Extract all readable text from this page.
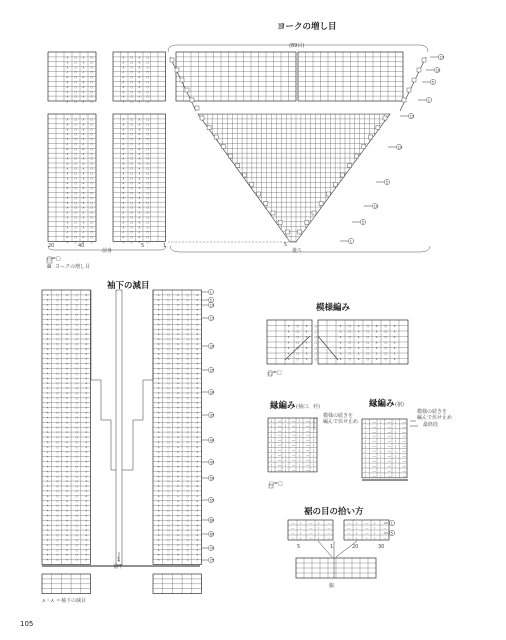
∧ ○ ∧ ○
∧ ○ ∧ ○
∧ ○ ∧ ○
∧ ○ ∧ ○
∧ ○ ∧ ○
∧ ○ ∧ ○
∧ ○ ∧ ○
∧ ○ ∧ ○
∧ ○ ∧ ○
∧ ○ ∧ ○
∧ ○ ∧ ○
∧ ○ ∧ ○
∧ ○ ∧ ○
∧ ○ ∧ ○
∧ ○ ∧ ○
∧ ○ ∧ ○
∧ ○ ∧ ○
∧ ○ ∧ ○
∧ ○ ∧ ○
∧ ○ ∧ ○
∧ ○ ∧ ○
∧ ○ ∧ ○
∧ ○ ∧ ○
∧ ○ ∧ ○
∧ ○ ∧ ○
∧ ○ ∧ ○
∧ ○ ∧ ○
∧ ○ ∧ ○
∧ ○ ∧ ○
∧ ○ ∧ ○
∧ ○ ∧ ○
∧ ○ ∧ ○
∧ ○ ∧ ○
∧ ○ ∧ ○
∧ ○ ∧ ○
∧ ○ ∧ ○
∧ ○ ∧ ○
∧ ○ ∧ ○
∧ ○ ∧ ○
∧ ○ ∧ ○
∧ ○ ∧ ○
∧ ○ ∧ ○
∧ ○ ∧ ○
∧ ○ ∧ ○
∧ ○ ∧ ○
∧ ○ ∧ ○
∧ ○ ∧ ○
∧ ○ ∧ ○
∧ ○ ∧ ○
∧ ○ ∧ ○
∧ ○ ∧ ○
∧ ○ ∧ ○
∧ ○ ∧ ○
∧ ○ ∧ ○
∧ ○ ∧ ○
∧ ○ ∧ ○
∧ ○ ∧ ○
∧ ○ ∧ ○
∧ ○ ∧ ○
∧ ○ ∧ ○
∧ ○ ∧ ○
∧ ○ ∧ ○
∧ ○ ∧ ○
∧ ○ ∧ ○
∧ ○ ∧ ○
∧ ○ ∧ ○
∧ ○ ∧ ○
∧ ○ ∧ ○
∧ ○ ∧ ○
∧ ○ ∧ ○
∧ ○ ∧ ○
∧ ○ ∧ ○
15
10
5
1
15
10
5
10
5
1
∧ ○ ∧ ○ ∧	∧ ○ ∧ ○ ∧
∧ ○ ∧ ○ ∧	∧ ○ ∧ ○ ∧
∧ ○ ∧ ○ ∧	∧ ○ ∧ ○ ∧
∧ ○ ∧ ○ ∧	∧ ○ ∧ ○ ∧
∧ ○ ∧ ○ ∧	∧ ○ ∧ ○ ∧
∧ ○ ∧ ○ ∧	∧ ○ ∧ ○ ∧
∧ ○ ∧ ○ ∧	∧ ○ ∧ ○ ∧
∧ ○ ∧ ○ ∧	∧ ○ ∧ ○ ∧
∧ ○ ∧ ○ ∧	∧ ○ ∧ ○ ∧
∧ ○ ∧ ○ ∧	∧ ○ ∧ ○ ∧
∧ ○ ∧ ○ ∧	∧ ○ ∧ ○ ∧
∧ ○ ∧ ○ ∧	∧ ○ ∧ ○ ∧
∧ ○ ∧ ○ ∧	∧ ○ ∧ ○ ∧
∧ ○ ∧ ○ ∧	∧ ○ ∧ ○ ∧
∧ ○ ∧ ○ ∧	∧ ○ ∧ ○ ∧
∧ ○ ∧ ○ ∧	∧ ○ ∧ ○ ∧
∧ ○ ∧ ○ ∧	∧ ○ ∧ ○ ∧
∧ ○ ∧ ○ ∧	∧ ○ ∧ ○ ∧
∧ ○ ∧ ○ ∧	∧ ○ ∧ ○ ∧
∧ ○ ∧ ○ ∧	∧ ○ ∧ ○ ∧
∧ ○ ∧ ○ ∧	∧ ○ ∧ ○ ∧
∧ ○ ∧ ○ ∧	∧ ○ ∧ ○ ∧
∧ ○ ∧ ○ ∧	∧ ○ ∧ ○ ∧
∧ ○ ∧ ○ ∧	∧ ○ ∧ ○ ∧
∧ ○ ∧ ○ ∧	∧ ○ ∧ ○ ∧
∧ ○ ∧ ○ ∧	∧ ○ ∧ ○ ∧
∧ ○ ∧ ○ ∧	∧ ○ ∧ ○ ∧
∧ ○ ∧ ○ ∧	∧ ○ ∧ ○ ∧
∧ ○ ∧ ○ ∧	∧ ○ ∧ ○ ∧
∧ ○ ∧ ○ ∧	∧ ○ ∧ ○ ∧
∧ ○ ∧ ○ ∧	∧ ○ ∧ ○ ∧
∧ ○ ∧ ○ ∧	∧ ○ ∧ ○ ∧
∧ ○ ∧ ○ ∧	∧ ○ ∧ ○ ∧
∧ ○ ∧ ○ ∧	∧ ○ ∧ ○ ∧
∧ ○ ∧ ○ ∧	∧ ○ ∧ ○ ∧
∧ ○ ∧ ○ ∧	∧ ○ ∧ ○ ∧
∧ ○ ∧ ○ ∧	∧ ○ ∧ ○ ∧
∧ ○ ∧ ○ ∧	∧ ○ ∧ ○ ∧
∧ ○ ∧ ○ ∧	∧ ○ ∧ ○ ∧
∧ ○ ∧ ○ ∧	∧ ○ ∧ ○ ∧
∧ ○ ∧ ○ ∧	∧ ○ ∧ ○ ∧
∧ ○ ∧ ○ ∧	∧ ○ ∧ ○ ∧
∧ ○ ∧ ○ ∧	∧ ○ ∧ ○ ∧
∧ ○ ∧ ○ ∧	∧ ○ ∧ ○ ∧
∧ ○ ∧ ○ ∧	∧ ○ ∧ ○ ∧
∧ ○ ∧ ○ ∧	∧ ○ ∧ ○ ∧
∧ ○ ∧ ○ ∧	∧ ○ ∧ ○ ∧
∧ ○ ∧ ○ ∧	∧ ○ ∧ ○ ∧
∧ ○ ∧ ○ ∧	∧ ○ ∧ ○ ∧
∧ ○ ∧ ○ ∧	∧ ○ ∧ ○ ∧
∧ ○ ∧ ○ ∧	∧ ○ ∧ ○ ∧
∧ ○ ∧ ○ ∧	∧ ○ ∧ ○ ∧
∧ ○ ∧ ○ ∧	∧ ○ ∧ ○ ∧
∧ ○ ∧ ○ ∧	∧ ○ ∧ ○ ∧
∧ ○ ∧ ○ ∧	∧ ○ ∧ ○ ∧
1
5
10
15
20
25
30
35
40
45
50
55
60
65
70
75
∧ ○ ∧ ○	∧ ○ ∧ ○ ∧ ○ ∧
∧ ○ ∧ ○	∧ ○ ∧ ○ ∧ ○ ∧
∧ ○ ∧ ○	∧ ○ ∧ ○ ∧ ○ ∧
∧ ○ ∧ ○	∧ ○ ∧ ○ ∧ ○ ∧
∧ ○ ∧ ○	∧ ○ ∧ ○ ∧ ○ ∧
∧ ○ ∧ ○	∧ ○ ∧ ○ ∧ ○ ∧
∧ ○ ∧ ○	∧ ○ ∧ ○ ∧ ○ ∧
| ― | ― | ― |
| ― | ― | ― |
| ― | ― | ― |
| ― | ― | ― |
| ― | ― | ― |
| ― | ― | ― |
| ― | ― | ― |
| ― | ― | ― |
| ― | ― | ― |
| ― | ― | ― |
| ― | ― | ― |
| ― | ― | ―
| ― | ― | ―
| ― | ― | ―
| ― | ― | ―
| ― | ― | ―
| ― | ― | ―
| ― | ― | ―
| ― | ― | ―
| ― | ― | ―
| ― | ― | ―
| ― | ― | ―
| ― | ― | ―
― |	― |	―	― |	― |	―
― |	― |	―	― |	― |	―
― |	― |	―	― |	― |	―
― |	― |	―	― |	― |	―
1
5
ヨークの増し目
(89目)
20	40	5	1
前身	後ろ
5
□=□
⊠ ヨークの増し目
袖下の減目
1
袖下
⋏・⋏ ＝袖下の減目
模様編み
□=□
縁編み (袖口、衿)
模様の続きを
編んで伏せ止め
□=□
縁編み (裾)
模様の続きを
編んで伏せ止め
最終段
裾の目の拾い方
5	1	20	30
脇
105
